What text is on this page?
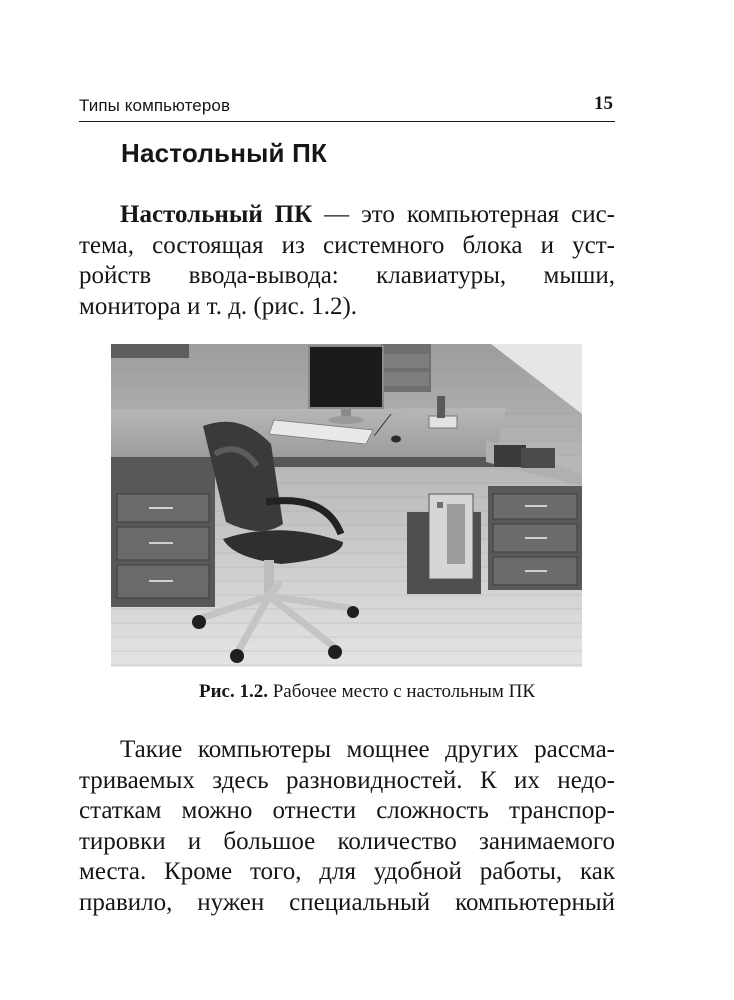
Типы компьютеров	15
Настольный ПК
Настольный ПК — это компьютерная сис-
тема, состоящая из системного блока и уст-
ройств ввода-вывода: клавиатуры, мыши,
монитора и т. д. (рис. 1.2).
Рис. 1.2. Рабочее место с настольным ПК
Такие компьютеры мощнее других рассма-
триваемых здесь разновидностей. К их недо-
статкам можно отнести сложность транспор-
тировки и большое количество занимаемого
места. Кроме того, для удобной работы, как
правило, нужен специальный компьютерный
